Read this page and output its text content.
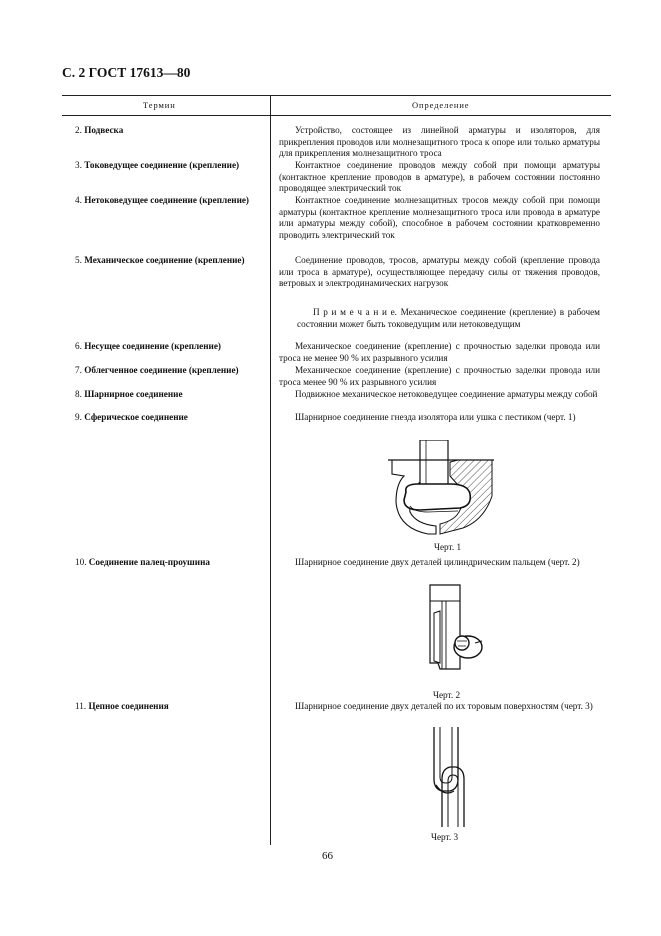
С. 2 ГОСТ 17613—80
Термин	Определение
2. Подвеска	Устройство, состоящее из линейной арматуры и изоляторов, для прикрепления проводов или молнезащитного троса к опоре или только арматуры для прикрепления молнезащитного троса
3. Токоведущее соединение (крепление)	Контактное соединение проводов между собой при помощи арматуры (контактное крепление проводов в арматуре), в рабочем состоянии постоянно проводящее электрический ток
4. Нетоковедущее соединение (крепление)	Контактное соединение молнезащитных тросов между собой при помощи арматуры (контактное крепление молнезащитного троса или провода в арматуре или арматуры между собой), способное в рабочем состоянии кратковременно проводить электрический ток
5. Механическое соединение (крепление)	Соединение проводов, тросов, арматуры между собой (крепление провода или троса в арматуре), осуществляющее передачу силы от тяжения проводов, ветровых и электродинамических нагрузок
П р и м е ч а н и е. Механическое соединение (крепление) в рабочем состоянии может быть токоведущим или нетоковедущим
6. Несущее соединение (крепление)	Механическое соединение (крепление) с прочностью заделки провода или троса не менее 90 % их разрывного усилия
7. Облегченное соединение (крепление)	Механическое соединение (крепление) с прочностью заделки провода или троса менее 90 % их разрывного усилия
8. Шарнирное соединение	Подвижное механическое нетоковедущее соединение арматуры между собой
9. Сферическое соединение	Шарнирное соединение гнезда изолятора или ушка с пестиком (черт. 1)
Черт. 1
10. Соединение палец-проушина	Шарнирное соединение двух деталей цилиндрическим пальцем (черт. 2)
Черт. 2
11. Цепное соединения	Шарнирное соединение двух деталей по их торовым поверхностям (черт. 3)
Черт. 3
66
